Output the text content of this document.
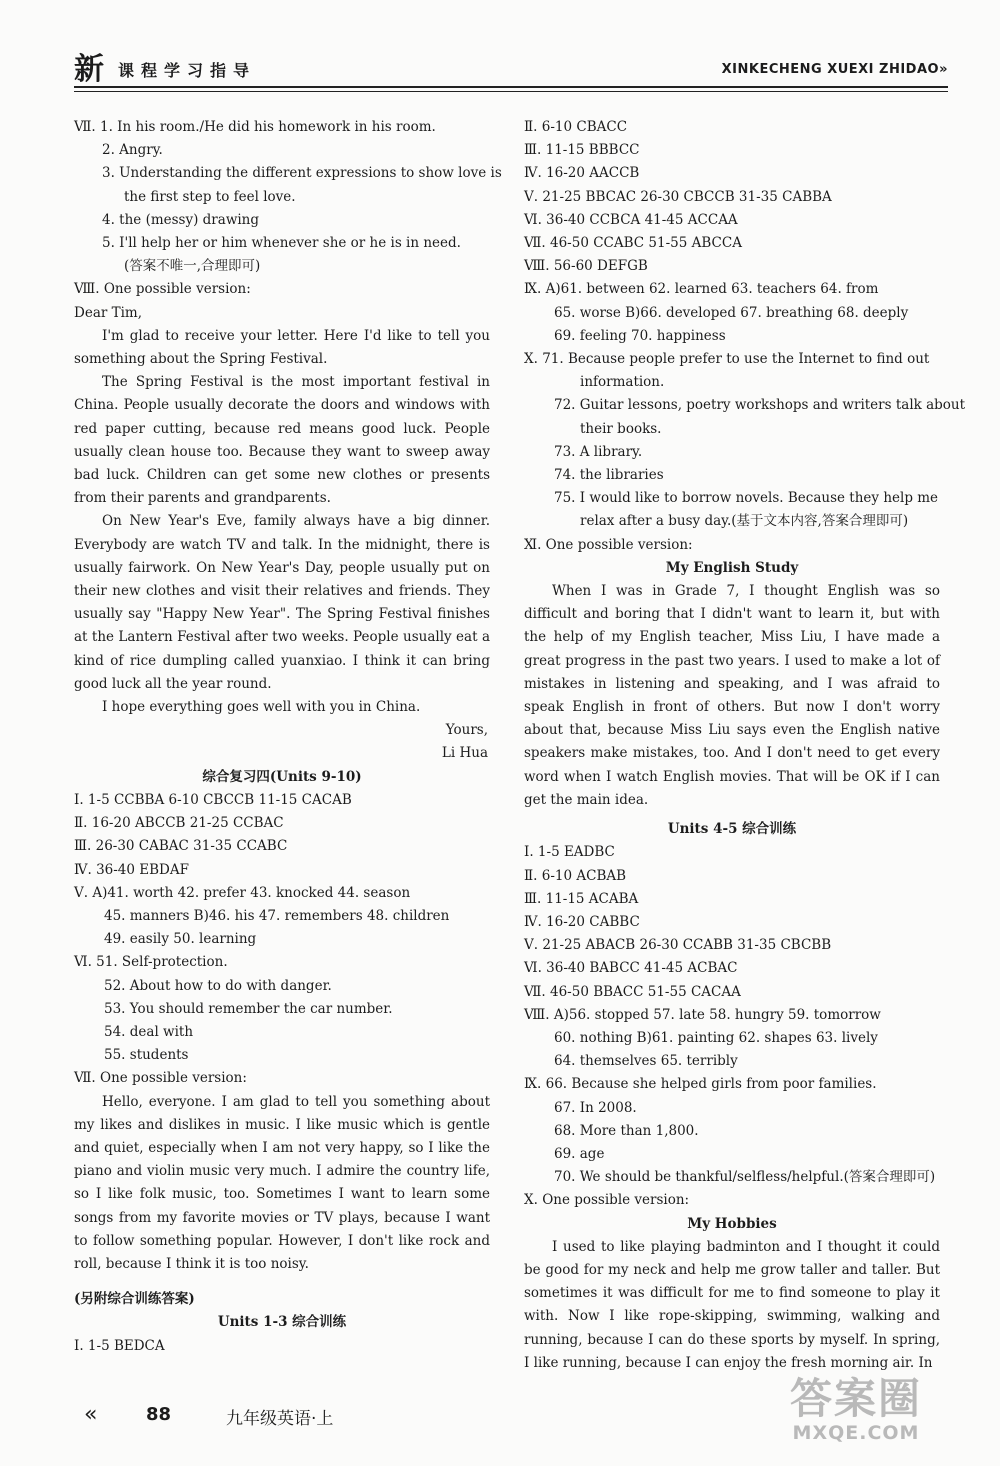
新 课程学习指导	XINKECHENG XUEXI ZHIDAO»
Ⅶ. 1. In his room./He did his homework in his room.
2. Angry.
3. Understanding the different expressions to show love is
the first step to feel love.
4. the (messy) drawing
5. I'll help her or him whenever she or he is in need.
(答案不唯一,合理即可)
Ⅷ. One possible version:
Dear Tim,
I'm glad to receive your letter. Here I'd like to tell you something about the Spring Festival.
The Spring Festival is the most important festival in China. People usually decorate the doors and windows with red paper cutting, because red means good luck. People usually clean house too. Because they want to sweep away bad luck. Children can get some new clothes or presents from their parents and grandparents.
On New Year's Eve, family always have a big dinner. Everybody are watch TV and talk. In the midnight, there is usually fairwork. On New Year's Day, people usually put on their new clothes and visit their relatives and friends. They usually say "Happy New Year". The Spring Festival finishes at the Lantern Festival after two weeks. People usually eat a kind of rice dumpling called yuanxiao. I think it can bring good luck all the year round.
I hope everything goes well with you in China.
Yours,
Li Hua
综合复习四(Units 9-10)
Ⅰ. 1-5 CCBBA 6-10 CBCCB 11-15 CACAB
Ⅱ. 16-20 ABCCB 21-25 CCBAC
Ⅲ. 26-30 CABAC 31-35 CCABC
Ⅳ. 36-40 EBDAF
Ⅴ. A)41. worth 42. prefer 43. knocked 44. season
45. manners B)46. his 47. remembers 48. children
49. easily 50. learning
Ⅵ. 51. Self-protection.
52. About how to do with danger.
53. You should remember the car number.
54. deal with
55. students
Ⅶ. One possible version:
Hello, everyone. I am glad to tell you something about my likes and dislikes in music. I like music which is gentle and quiet, especially when I am not very happy, so I like the piano and violin music very much. I admire the country life, so I like folk music, too. Sometimes I want to learn some songs from my favorite movies or TV plays, because I want to follow something popular. However, I don't like rock and roll, because I think it is too noisy.
(另附综合训练答案)
Units 1-3 综合训练
Ⅰ. 1-5 BEDCA
Ⅱ. 6-10 CBACC
Ⅲ. 11-15 BBBCC
Ⅳ. 16-20 AACCB
Ⅴ. 21-25 BBCAC 26-30 CBCCB 31-35 CABBA
Ⅵ. 36-40 CCBCA 41-45 ACCAA
Ⅶ. 46-50 CCABC 51-55 ABCCA
Ⅷ. 56-60 DEFGB
Ⅸ. A)61. between 62. learned 63. teachers 64. from
65. worse B)66. developed 67. breathing 68. deeply
69. feeling 70. happiness
Ⅹ. 71. Because people prefer to use the Internet to find out
information.
72. Guitar lessons, poetry workshops and writers talk about
their books.
73. A library.
74. the libraries
75. I would like to borrow novels. Because they help me
relax after a busy day.(基于文本内容,答案合理即可)
Ⅺ. One possible version:
My English Study
When I was in Grade 7, I thought English was so difficult and boring that I didn't want to learn it, but with the help of my English teacher, Miss Liu, I have made a great progress in the past two years. I used to make a lot of mistakes in listening and speaking, and I was afraid to speak English in front of others. But now I don't worry about that, because Miss Liu says even the English native speakers make mistakes, too. And I don't need to get every word when I watch English movies. That will be OK if I can get the main idea.
Units 4-5 综合训练
Ⅰ. 1-5 EADBC
Ⅱ. 6-10 ACBAB
Ⅲ. 11-15 ACABA
Ⅳ. 16-20 CABBC
Ⅴ. 21-25 ABACB 26-30 CCABB 31-35 CBCBB
Ⅵ. 36-40 BABCC 41-45 ACBAC
Ⅶ. 46-50 BBACC 51-55 CACAA
Ⅷ. A)56. stopped 57. late 58. hungry 59. tomorrow
60. nothing B)61. painting 62. shapes 63. lively
64. themselves 65. terribly
Ⅸ. 66. Because she helped girls from poor families.
67. In 2008.
68. More than 1,800.
69. age
70. We should be thankful/selfless/helpful.(答案合理即可)
Ⅹ. One possible version:
My Hobbies
I used to like playing badminton and I thought it could be good for my neck and help me grow taller and taller. But sometimes it was difficult for me to find someone to play it with. Now I like rope-skipping, swimming, walking and running, because I can do these sports by myself. In spring, I like running, because I can enjoy the fresh morning air. In
«	88	九年级英语·上	答案圈
MXQE.COM
